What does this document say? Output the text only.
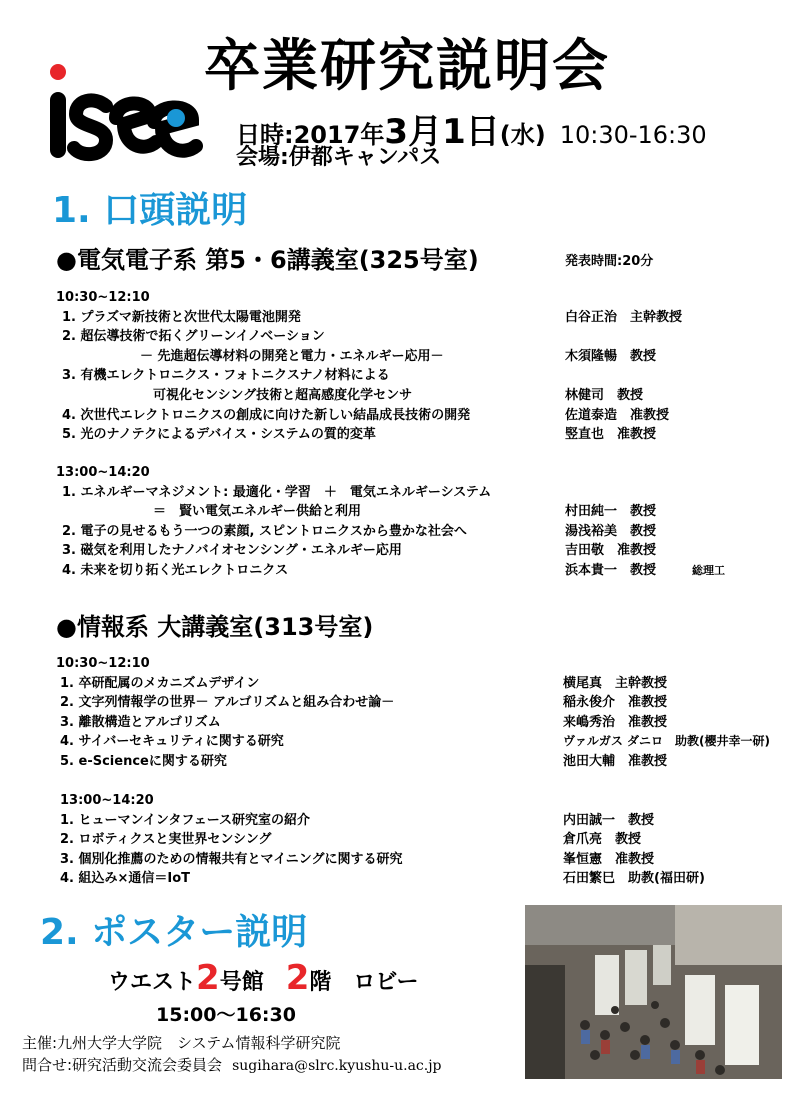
卒業研究説明会
日時:2017年3月1日(水) 10:30-16:30
会場:伊都キャンパス
1. 口頭説明
●電気電子系 第5・6講義室(325号室)	発表時間:20分
10:30~12:10
1. プラズマ新技術と次世代太陽電池開発	白谷正治　主幹教授
2. 超伝導技術で拓くグリーンイノベーション
　　　　　　－ 先進超伝導材料の開発と電力・エネルギー応用－	木須隆暢　教授
3. 有機エレクトロニクス・フォトニクスナノ材料による
　　　　　　　可視化センシング技術と超高感度化学センサ	林健司　教授
4. 次世代エレクトロニクスの創成に向けた新しい結晶成長技術の開発	佐道泰造　准教授
5. 光のナノテクによるデバイス・システムの質的変革	竪直也　准教授
13:00~14:20
1. エネルギーマネジメント: 最適化・学習　＋　電気エネルギーシステム
　　　　　　　＝　賢い電気エネルギー供給と利用	村田純一　教授
2. 電子の見せるもう一つの素顔, スピントロニクスから豊かな社会へ	湯浅裕美　教授
3. 磁気を利用したナノバイオセンシング・エネルギー応用	吉田敬　准教授
4. 未来を切り拓く光エレクトロニクス	浜本貴一　教授	総理工
●情報系 大講義室(313号室)
10:30~12:10
1. 卒研配属のメカニズムデザイン	横尾真　主幹教授
2. 文字列情報学の世界－ アルゴリズムと組み合わせ論－	稲永俊介　准教授
3. 離散構造とアルゴリズム	来嶋秀治　准教授
4. サイバーセキュリティに関する研究	ヴァルガス ダニロ　助教(櫻井幸一研)
5. e-Scienceに関する研究	池田大輔　准教授
13:00~14:20
1. ヒューマンインタフェース研究室の紹介	内田誠一　教授
2. ロボティクスと実世界センシング	倉爪亮　教授
3. 個別化推薦のための情報共有とマイニングに関する研究	峯恒憲　准教授
4. 組込み×通信＝IoT	石田繁巳　助教(福田研)
2. ポスター説明
ウエスト2号館　2階　ロビー
15:00～16:30
主催:九州大学大学院　システム情報科学研究院
問合せ:研究活動交流会委員会 sugihara@slrc.kyushu-u.ac.jp
